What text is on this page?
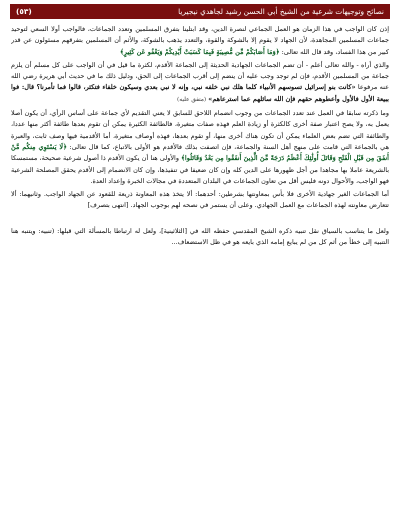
نصائح وتوجيهات شرعية من الشيخ أبي الحسن رشيد لجاهدي نيجيريا
(٥٣)

إذن كان الواجب في هذا الزمان هو العمل الجماعي لنصرة الدين، وقد ابتلينا بتفرق المسلمين وتعدد الجماعات، فالواجب أولا السعي لتوحيد جماعات المسلمين المجاهدة، لأن الجهاد لا يقوم إلا بالشوكة والقوة، والتعدد يذهب بالشوكة، والأثم أن المسلمين بتفرقهم مسئولون عن قدر كبير من هذا الفساد، وقد قال الله تعالى: ﴿وَمَا أَصَابَكُمْ مِّن مُّصِيبَةٍ فَبِمَا كَسَبَتْ أَيْدِيكُمْ وَيَعْفُو عَن كَثِيرٍ﴾

والذي أراه - والله تعالى أعلم - أن تضم الجماعات الجهادية الحديثة إلى الجماعة الأقدم، لكثرة ما قيل في أن الواجب على كل مسلم أن يلزم جماعة من المسلمين الأقدم، فإن لم توجد وجب عليه أن ينضم إلى أقرب الجماعات إلى الحق، ودليل ذلك ما في حديث أبي هريرة رضي الله عنه مرفوعا «كانت بنو إسرائيل تسوسهم الأنبياء كلما هلك نبي خلفه نبي، وإنه لا نبي بعدي وسيكون خلفاء فتكثر، قالوا فما تأمرنا؟ قال: فوا ببيعة الأول فالأول وأعطوهم حقهم فإن الله سائلهم عما استرعاهم» (متفق عليه)

وما ذكرته سابقا في العمل عند تعدد الجماعات من وجوب انضمام اللاحق للسابق لا يعني التقديم لأي جماعة على أساس الرأي، أن يكون أصلا يعمل به، ولا يصح اعتبار صفة أخرى كالكثرة أو زيادة العلم فهذه صفات متغيرة، فالطائفة الكثيرة يمكن أن تقوم بعدها طائفة أكثر منها عددا، والطائفة التي تضم بعض العلماء يمكن أن تكون هناك أخرى منها، أو تقوم بعدها، فهذه أوصاف متغيرة، أما الأقدمية فيها وصف ثابت، والعبرة هي بالجماعة التي قامت على منهج أهل السنة والجماعة، فإن اتصفت بذلك فالأقدم هو الأولى بالاتباع، كما قال تعالى: ﴿لَا يَسْتَوِي مِنكُم مَّنْ أَنفَقَ مِن قَبْلِ الْفَتْحِ وَقَاتَلَ أُولَٰئِكَ أَعْظَمُ دَرَجَةً مِّنَ الَّذِينَ أَنفَقُوا مِن بَعْدُ وَقَاتَلُوا﴾ والأولى هنا أن يكون الأقدم ذا أصول شرعية صحيحة، مستمسكا بالشريعة عاملا بها مجاهدا من أجل ظهورها على الدين كله وإن كان ضعيفا في تنفيذها، وإن كان الانضمام إلى الأقدم يحقق المصلحة الشرعية فهو الواجب، والأحوال دونه فليس أقل من تعاون الجماعات في البلدان المتعددة في مجالات الخبرة وإعداد العدة.

أما الجماعات الغير جهادية الأخرى فلا بأس بمعاونتها بشرطين: أحدهما: ألا يتخذ هذه المعاونة ذريعة للقعود عن الجهاد الواجب. وثانيهما: ألا تتعارض معاونته لهذه الجماعات مع العمل الجهادي. وعلى أن يستمر في نصحه لهم بوجوب الجهاد. [انتهى بتصرف]

ولعل ما يتناسب بالسياق نقل تنبيه ذكره الشيخ المقدسي حفظه الله في [الثلاثينية]، ولعل له ارتباطا بالمسألة التي قبلها: (تنبيه: ويتنبه هنا التنبيه إلى خطأ من أثم كل من لم يبايع إمامه الذي بايعه هو في ظل الاستضعاف...
